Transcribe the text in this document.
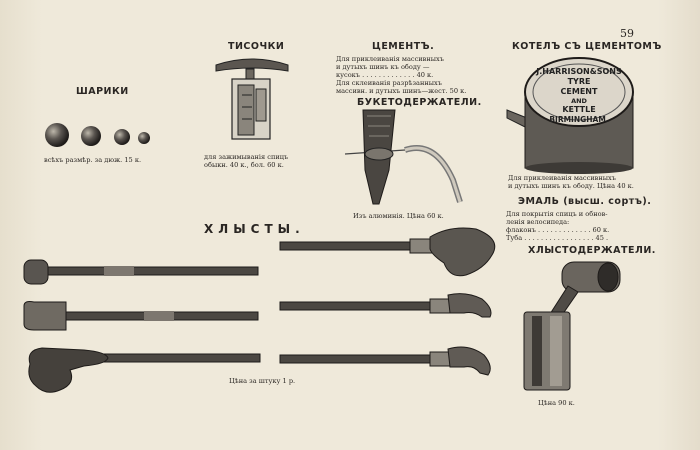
59
ШАРИКИ
всѣхъ размѣр. за дюж. 15 к.
ТИСОЧКИ
для зажимыванія спицъ
обыкн. 40 к., бол. 60 к.
ЦЕМЕНТЪ.
Для приклеиванія массивныхъ
и дутыхъ шинъ къ ободу —
кусокъ . . . . . . . . . . . . . 40 к.
Для склеиванія разрѣзанныхъ
массивн. и дутыхъ шинъ—жест. 50 к.
БУКЕТОДЕРЖАТЕЛИ.
Изъ алюминія. Цѣна 60 к.
КОТЕЛЪ СЪ ЦЕМЕНТОМЪ
J.HARRISON&SONS
TYRE
CEMENT
AND
KETTLE
BIRMINGHAM.
Для приклеиванія массивныхъ
и дутыхъ шинъ къ ободу. Цѣна 40 к.
ЭМАЛЬ (высш. сортъ).
Для покрытія спицъ и обнов-
ленія велосипеда:
флаконъ . . . . . . . . . . . . . 60 к.
Туба . . . . . . . . . . . . . . . . . 45 .
ХЛЫСТЫ.
Цѣна за штуку 1 р.
ХЛЫСТОДЕРЖАТЕЛИ.
Цѣна 90 к.
